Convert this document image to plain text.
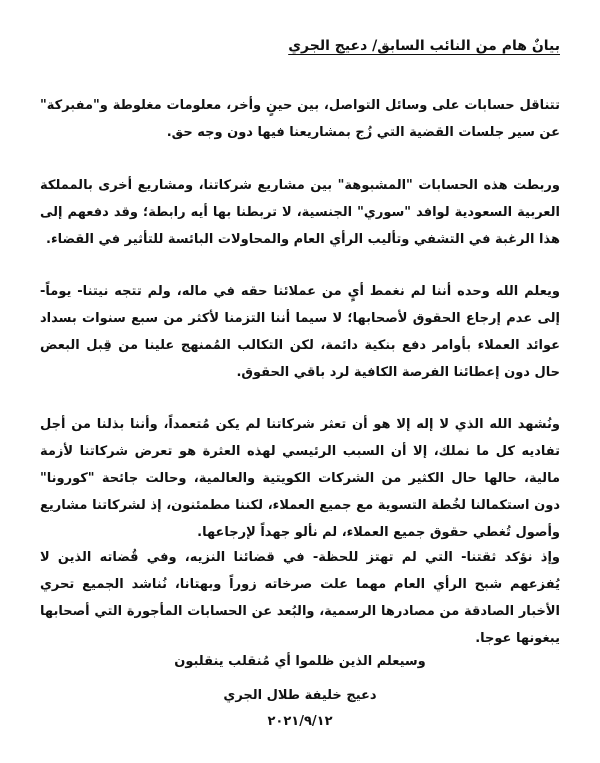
بيانٌ هام من النائب السابق/ دعيج الجري

تتناقل حسابات على وسائل التواصل، بين حينٍ وأخر، معلومات مغلوطة و"مفبركة" عن سير جلسات القضية التي زُج بمشاريعنا فيها دون وجه حق.

وربطت هذه الحسابات "المشبوهة" بين مشاريع شركاتنا، ومشاريع أخرى بالمملكة العربية السعودية لوافد "سوري" الجنسية، لا تربطنا بها أيه رابطة؛ وقد دفعهم إلى هذا الرغبة في التشفي وتأليب الرأي العام والمحاولات البائسة للتأثير في القضاء.

ويعلم الله وحده أننا لم نغمط أيٍ من عملائنا حقه في ماله، ولم تتجه نيتنا- يوماً- إلى عدم إرجاع الحقوق لأصحابها؛ لا سيما أننا التزمنا لأكثر من سبع سنوات بسداد عوائد العملاء بأوامر دفع بنكية دائمة، لكن التكالب المُمنهج علينا من قِبل البعض حال دون إعطائنا الفرصة الكافية لرد باقي الحقوق.

ونُشهد الله الذي لا إله إلا هو أن تعثر شركاتنا لم يكن مُتعمداً، وأننا بذلنا من أجل تفاديه كل ما نملك، إلا أن السبب الرئيسي لهذه العثرة هو تعرض شركاتنا لأزمة مالية، حالها حال الكثير من الشركات الكويتية والعالمية، وحالت جائحة "كورونا" دون استكمالنا لخُطة التسوية مع جميع العملاء، لكننا مطمئنون، إذ لشركاتنا مشاريع وأصول تُغطي حقوق جميع العملاء، لم نألو جهداً لإرجاعها.

وإذ نؤكد ثقتنا- التي لم تهتز للحظة- في قضائنا النزيه، وفي قُضاته الذين لا يُفزعهم شبح الرأي العام مهما علت صرخاته زوراً وبهتانا، نُناشد الجميع تحري الأخبار الصادقة من مصادرها الرسمية، والبُعد عن الحسابات المأجورة التي أصحابها يبغونها عوجا.

وسيعلم الذين ظلموا أي مُنقلب ينقلبون
دعيج خليفة طلال الجري
٢٠٢١/٩/١٢
